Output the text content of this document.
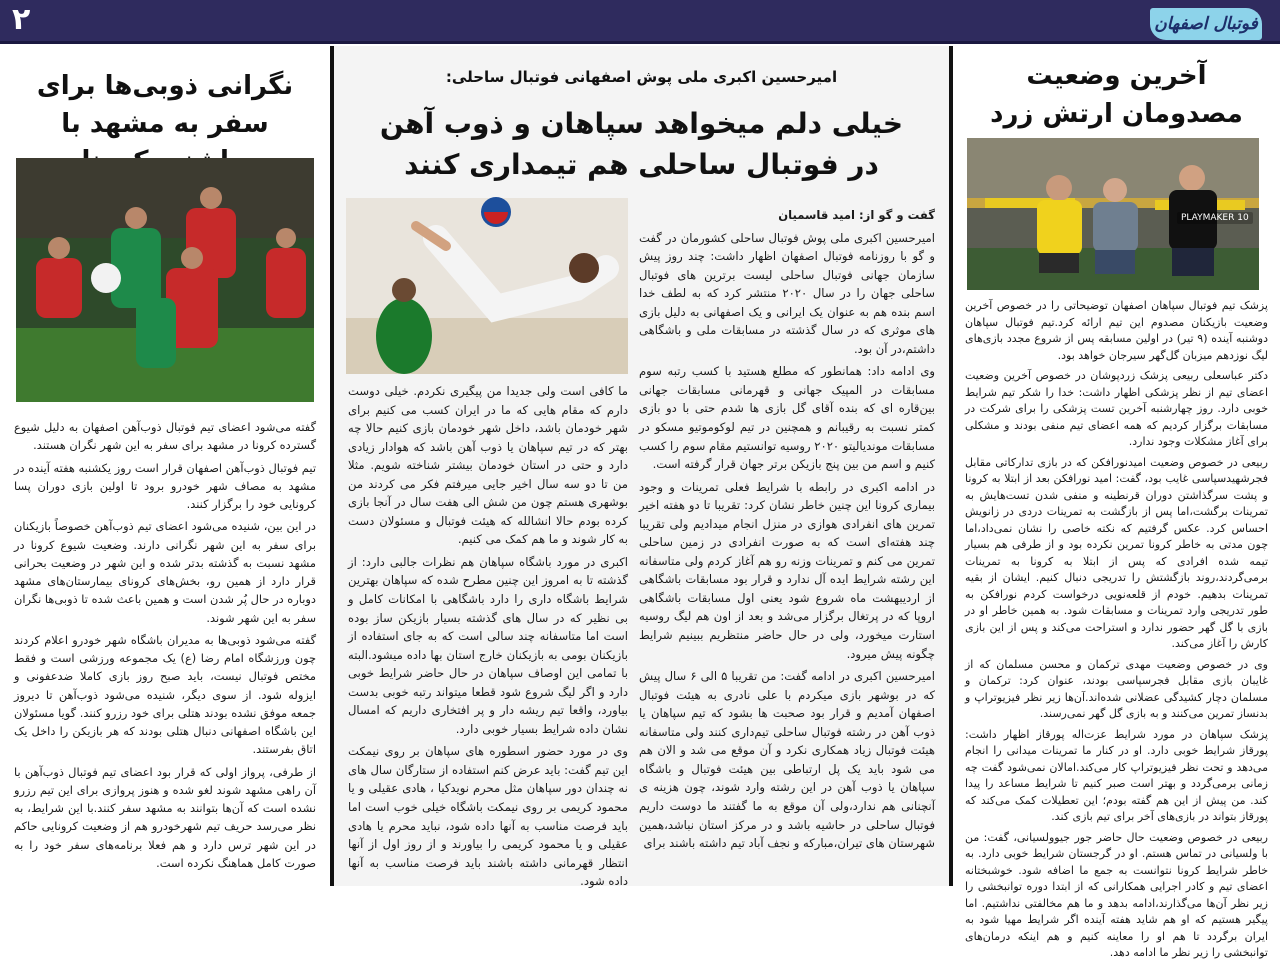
۲	فوتبال اصفهان
آخرین وضعیت مصدومان ارتش زرد
PLAYMAKER 10

پزشک تیم فوتبال سپاهان اصفهان توضیحاتی را در خصوص آخرین وضعیت بازیکنان مصدوم این تیم ارائه کرد.تیم فوتبال سپاهان دوشنبه آینده (۹ تیر) در اولین مسابقه پس از شروع مجدد بازی‌های لیگ نوزدهم میزبان گل‌گهر سیرجان خواهد بود.

دکتر عباسعلی ربیعی پزشک زردپوشان در خصوص آخرین وضعیت اعضای تیم از نظر پزشکی اظهار داشت: خدا را شکر تیم شرایط خوبی دارد. روز چهارشنبه آخرین تست پزشکی را برای شرکت در مسابقات برگزار کردیم که همه اعضای تیم منفی بودند و مشکلی برای آغاز مشکلات وجود ندارد.

ربیعی در خصوص وضعیت امیدنورافکن که در بازی تدارکاتی مقابل فجرشهیدسپاسی غایب بود، گفت: امید نورافکن بعد از ابتلا به کرونا و پشت سرگذاشتن دوران قرنطینه و منفی شدن تست‌هایش به تمرینات برگشت،اما پس از بازگشت به تمرینات دردی در زانویش احساس کرد. عکس گرفتیم که نکته خاصی را نشان نمی‌داد،اما چون مدتی به خاطر کرونا تمرین نکرده بود و از طرفی هم بسیار تیمه شده افرادی که پس از ابتلا به کرونا به تمرینات برمی‌گردند،روند بازگشتش را تدریجی دنبال کنیم. ایشان از بقیه تمرینات بدهیم. خودم از قلعه‌نویی درخواست کردم نورافکن به طور تدریجی وارد تمرینات و مسابقات شود. به همین خاطر او در بازی با گل گهر حضور ندارد و استراحت می‌کند و پس از این بازی کارش را آغاز می‌کند.

وی در خصوص وضعیت مهدی ترکمان و محسن مسلمان که از غایبان بازی مقابل فجرسپاسی بودند، عنوان کرد: ترکمان و مسلمان دچار کشیدگی عضلانی شده‌اند.آن‌ها زیر نظر فیزیوتراپ و بدنساز تمرین می‌کنند و به بازی گل گهر نمی‌رسند.

پزشک سپاهان در مورد شرایط عزت‌اله پورقاز اظهار داشت: پورقاز شرایط خوبی دارد. او در کنار ما تمرینات میدانی را انجام می‌دهد و تحت نظر فیزیوتراپ کار می‌کند.امالان نمی‌شود گفت چه زمانی برمی‌گردد و بهتر است صبر کنیم تا شرایط مساعد را پیدا کند. من پیش از این هم گفته بودم؛ این تعطیلات کمک می‌کند که پورقاز بتواند در بازی‌های آخر برای تیم بازی کند.

ربیعی در خصوص وضعیت حال حاضر جور جیوولسیانی، گفت: من با ولسیانی در تماس هستم. او در گرجستان شرایط خوبی دارد. به خاطر شرایط کرونا نتوانست به جمع ما اضافه شود. خوشبختانه اعضای تیم و کادر اجرایی همکارانی که از ابتدا دوره توانبخشی را زیر نظر آن‌ها می‌گذارند،ادامه بدهد و ما هم مخالفتی نداشتیم. اما پیگیر هستیم که او هم شاید هفته آینده اگر شرایط مهیا شود به ایران برگردد تا هم او را معاینه کنیم و هم اینکه درمان‌های توانبخشی را زیر نظر ما ادامه دهد.

امیرحسین اکبری ملی پوش اصفهانی فوتبال ساحلی:
خیلی دلم میخواهد سپاهان و ذوب آهن در فوتبال ساحلی هم تیمداری کنند

گفت و گو از: امید قاسمیان

امیرحسین اکبری ملی پوش فوتبال ساحلی کشورمان در گفت و گو با روزنامه فوتبال اصفهان اظهار داشت: چند روز پیش سازمان جهانی فوتبال ساحلی لیست برترین های فوتبال ساحلی جهان را در سال ۲۰۲۰ منتشر کرد که به لطف خدا اسم بنده هم به عنوان یک ایرانی و یک اصفهانی به دلیل بازی های موثری که در سال گذشته در مسابقات ملی و باشگاهی داشتم،در آن بود.

وی ادامه داد: همانطور که مطلع هستید با کسب رتبه سوم مسابقات در المپیک جهانی و قهرمانی مسابقات جهانی بین‌قاره ای که بنده آقای گل بازی ها شدم حتی با دو بازی کمتر نسبت به رقیبانم و همچنین در تیم لوکوموتیو مسکو در مسابقات موندیالیتو ۲۰۲۰ روسیه توانستیم مقام سوم را کسب کنیم و اسم من بین پنج بازیکن برتر جهان قرار گرفته است.

در ادامه اکبری در رابطه با شرایط فعلی تمرینات و وجود بیماری کرونا این چنین خاطر نشان کرد: تقریبا تا دو هفته اخیر تمرین های انفرادی هوازی در منزل انجام میدادیم ولی تقریبا چند هفته‌ای است که به صورت انفرادی در زمین ساحلی تمرین می کنم و تمرینات وزنه رو هم آغاز کردم ولی متاسفانه این رشته شرایط ایده آل ندارد و قرار بود مسابقات باشگاهی از اردیبهشت ماه شروع شود یعنی اول مسابقات باشگاهی اروپا که در پرتغال برگزار می‌شد و بعد از اون هم لیگ روسیه استارت میخورد، ولی در حال حاضر منتظریم ببینیم شرایط چگونه پیش میرود.

امیرحسین اکبری در ادامه گفت: من تقریبا ۵ الی ۶ سال پیش که در بوشهر بازی میکردم با علی نادری به هیئت فوتبال اصفهان آمدیم و قرار بود صحبت ها بشود که تیم سپاهان یا ذوب آهن در رشته فوتبال ساحلی تیم‌داری کنند ولی متاسفانه هیئت فوتبال زیاد همکاری نکرد و آن موقع می شد و الان هم می شود باید یک پل ارتباطی بین هیئت فوتبال و باشگاه سپاهان یا ذوب آهن در این رشته وارد شوند، چون هزینه ی آنچنانی هم ندارد،ولی آن موقع به ما گفتند ما دوست داریم فوتبال ساحلی در حاشیه باشد و در مرکز استان نباشد،همین شهرستان های تیران،مبارکه و نجف آباد تیم داشته باشند برای

ما کافی است ولی جدیدا من پیگیری نکردم. خیلی دوست دارم که مقام هایی که ما در ایران کسب می کنیم برای شهر خودمان باشد، داخل شهر خودمان بازی کنیم حالا چه بهتر که در تیم سپاهان یا ذوب آهن باشد که هوادار زیادی دارد و حتی در استان خودمان بیشتر شناخته شویم. مثلا من تا دو سه سال اخیر جایی میرفتم فکر می کردند من بوشهری هستم چون من شش الی هفت سال در آنجا بازی کرده بودم حالا انشالله که هیئت فوتبال و مسئولان دست به کار شوند و ما هم کمک می کنیم.

اکبری در مورد باشگاه سپاهان هم نظرات جالبی دارد: از گذشته تا به امروز این چنین مطرح شده که سپاهان بهترین شرایط باشگاه داری را دارد باشگاهی با امکانات کامل و بی نظیر که در سال های گذشته بسیار بازیکن ساز بوده است اما متاسفانه چند سالی است که به جای استفاده از بازیکنان بومی به بازیکنان خارج استان بها داده میشود.البته با تمامی این اوصاف سپاهان در حال حاضر شرایط خوبی دارد و اگر لیگ شروع شود قطعا میتواند رتبه خوبی بدست بیاورد، واقعا تیم ریشه دار و پر افتخاری داریم که امسال نشان داده شرایط بسیار خوبی دارد.

وی در مورد حضور اسطوره های سپاهان بر روی نیمکت این تیم گفت: باید عرض کنم استفاده از ستارگان سال های نه چندان دور سپاهان مثل محرم نویدکیا ، هادی عقیلی و یا محمود کریمی بر روی نیمکت باشگاه خیلی خوب است اما باید فرصت مناسب به آنها داده شود، نباید محرم یا هادی عقیلی و یا محمود کریمی را بیاورند و از روز اول از آنها انتظار قهرمانی داشته باشند باید فرصت مناسب به آنها داده شود.

نگرانی ذوبی‌ها برای سفر به مشهد با

گفته می‌شود اعضای تیم فوتبال ذوب‌آهن اصفهان به دلیل شیوع گسترده کرونا در مشهد برای سفر به این شهر نگران هستند.

تیم فوتبال ذوب‌آهن اصفهان قرار است روز یکشنبه هفته آینده در مشهد به مصاف شهر خودرو برود تا اولین بازی دوران پسا کرونایی خود را برگزار کنند.

در این بین، شنیده می‌شود اعضای تیم ذوب‌آهن خصوصاً بازیکنان برای سفر به این شهر نگرانی دارند. وضعیت شیوع کرونا در مشهد نسبت به گذشته بدتر شده و این شهر در وضعیت بحرانی قرار دارد از همین رو، بخش‌های کرونای بیمارستان‌های مشهد دوباره در حال پُر شدن است و همین باعث شده تا ذوبی‌ها نگران سفر به این شهر شوند.

گفته می‌شود ذوبی‌ها به مدیران باشگاه شهر خودرو اعلام کردند چون ورزشگاه امام رضا (ع) یک مجموعه ورزشی است و فقط مختص فوتبال نیست، باید صبح روز بازی کاملا ضدعفونی و ایزوله شود. از سوی دیگر، شنیده می‌شود ذوب‌آهن تا دیروز جمعه موفق نشده بودند هتلی برای خود رزرو کنند. گویا مسئولان این باشگاه اصفهانی دنبال هتلی بودند که هر بازیکن را داخل یک اتاق بفرستند.

از طرفی، پرواز اولی که قرار بود اعضای تیم فوتبال ذوب‌آهن با آن راهی مشهد شوند لغو شده و هنوز پروازی برای این تیم رزرو نشده است که آن‌ها بتوانند به مشهد سفر کنند.با این شرایط، به نظر می‌رسد حریف تیم شهرخودرو هم از وضعیت کرونایی حاکم در این شهر ترس دارد و هم فعلا برنامه‌های سفر خود را به صورت کامل هماهنگ نکرده است.
